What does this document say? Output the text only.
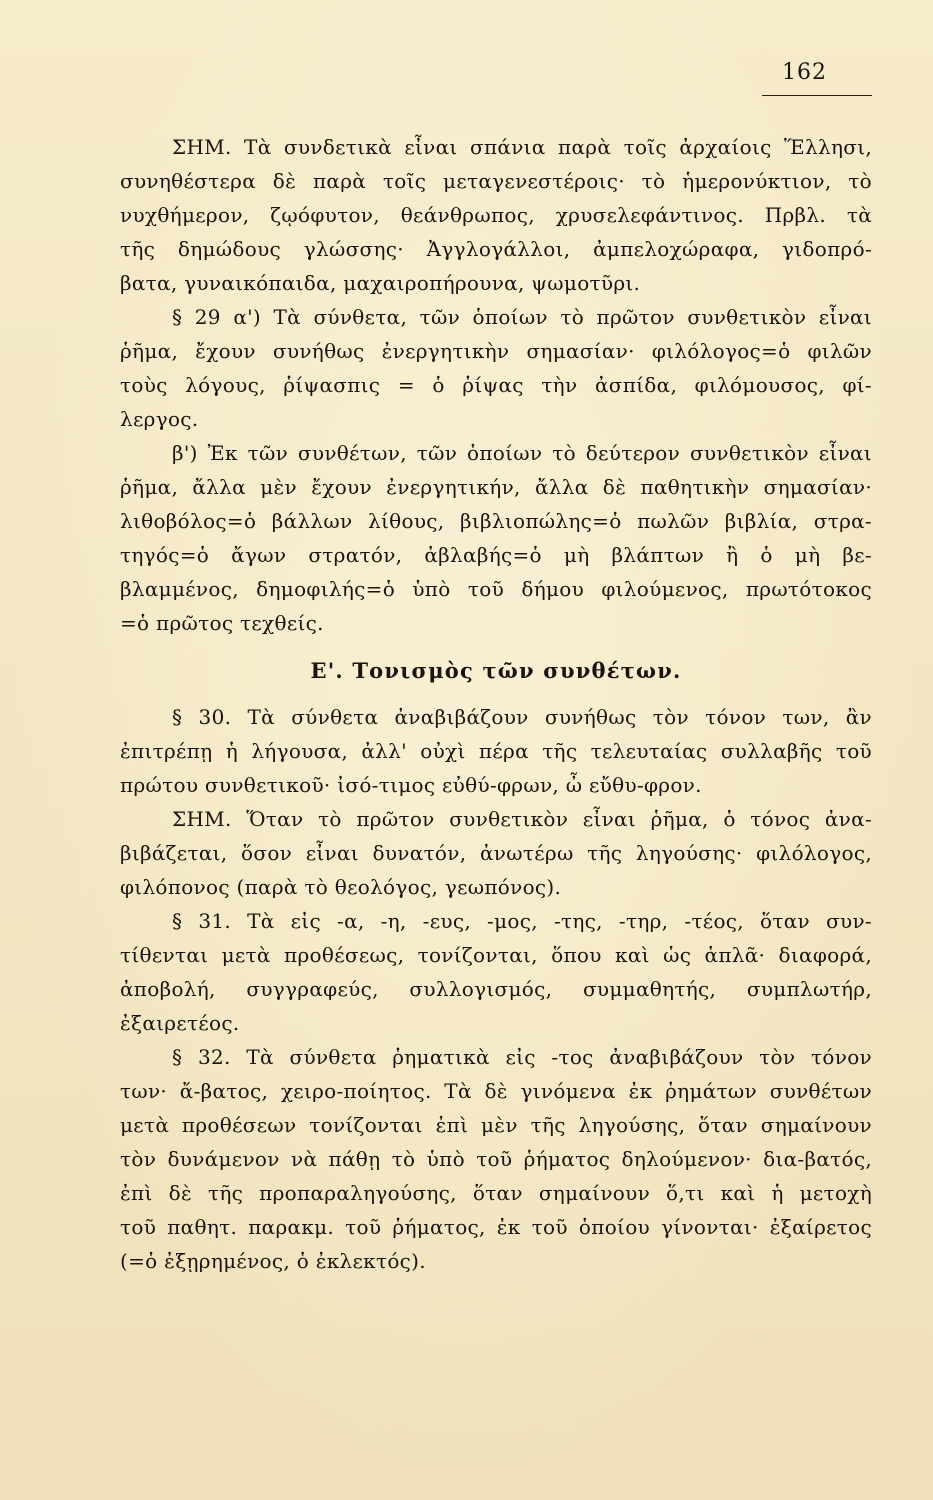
162
ΣΗΜ. Τὰ συνδετικὰ εἶναι σπάνια παρὰ τοῖς ἀρχαίοις Ἕλλησι,
συνηθέστερα δὲ παρὰ τοῖς μεταγενεστέροις· τὸ ἡμερονύκτιον, τὸ
νυχθήμερον, ζῳόφυτον, θεάνθρωπος, χρυσελεφάντινος. Πρβλ. τὰ
τῆς δημώδους γλώσσης· Ἀγγλογάλλοι, ἀμπελοχώραφα, γιδοπρό-
βατα, γυναικόπαιδα, μαχαιροπήρουνα, ψωμοτῦρι.
§ 29 α') Τὰ σύνθετα, τῶν ὁποίων τὸ πρῶτον συνθετικὸν εἶναι
ῥῆμα, ἔχουν συνήθως ἐνεργητικὴν σημασίαν· φιλόλογος=ὁ φιλῶν
τοὺς λόγους, ῥίψασπις = ὁ ῥίψας τὴν ἀσπίδα, φιλόμουσος, φί-
λεργος.
β') Ἐκ τῶν συνθέτων, τῶν ὁποίων τὸ δεύτερον συνθετικὸν εἶναι
ῥῆμα, ἄλλα μὲν ἔχουν ἐνεργητικήν, ἄλλα δὲ παθητικὴν σημασίαν·
λιθοβόλος=ὁ βάλλων λίθους, βιβλιοπώλης=ὁ πωλῶν βιβλία, στρα-
τηγός=ὁ ἄγων στρατόν, ἀβλαβής=ὁ μὴ βλάπτων ἢ ὁ μὴ βε-
βλαμμένος, δημοφιλής=ὁ ὑπὸ τοῦ δήμου φιλούμενος, πρωτότοκος
=ὁ πρῶτος τεχθείς.
Ε'. Τονισμὸς τῶν συνθέτων.
§ 30. Τὰ σύνθετα ἀναβιβάζουν συνήθως τὸν τόνον των, ἂν
ἐπιτρέπῃ ἡ λήγουσα, ἀλλ' οὐχὶ πέρα τῆς τελευταίας συλλαβῆς τοῦ
πρώτου συνθετικοῦ· ἰσό-τιμος εὐθύ-φρων, ὦ εὔθυ-φρον.
ΣΗΜ. Ὅταν τὸ πρῶτον συνθετικὸν εἶναι ῥῆμα, ὁ τόνος ἀνα-
βιβάζεται, ὅσον εἶναι δυνατόν, ἀνωτέρω τῆς ληγούσης· φιλόλογος,
φιλόπονος (παρὰ τὸ θεολόγος, γεωπόνος).
§ 31. Τὰ εἰς -α, -η, -ευς, -μος, -της, -τηρ, -τέος, ὅταν συν-
τίθενται μετὰ προθέσεως, τονίζονται, ὅπου καὶ ὡς ἁπλᾶ· διαφορά,
ἀποβολή, συγγραφεύς, συλλογισμός, συμμαθητής, συμπλωτήρ,
ἐξαιρετέος.
§ 32. Τὰ σύνθετα ῥηματικὰ εἰς -τος ἀναβιβάζουν τὸν τόνον
των· ἄ-βατος, χειρο-ποίητος. Τὰ δὲ γινόμενα ἐκ ῥημάτων συνθέτων
μετὰ προθέσεων τονίζονται ἐπὶ μὲν τῆς ληγούσης, ὅταν σημαίνουν
τὸν δυνάμενον νὰ πάθῃ τὸ ὑπὸ τοῦ ῥήματος δηλούμενον· δια-βατός,
ἐπὶ δὲ τῆς προπαραληγούσης, ὅταν σημαίνουν ὅ,τι καὶ ἡ μετοχὴ
τοῦ παθητ. παρακμ. τοῦ ῥήματος, ἐκ τοῦ ὁποίου γίνονται· ἐξαίρετος
(=ὁ ἐξῃρημένος, ὁ ἐκλεκτός).
